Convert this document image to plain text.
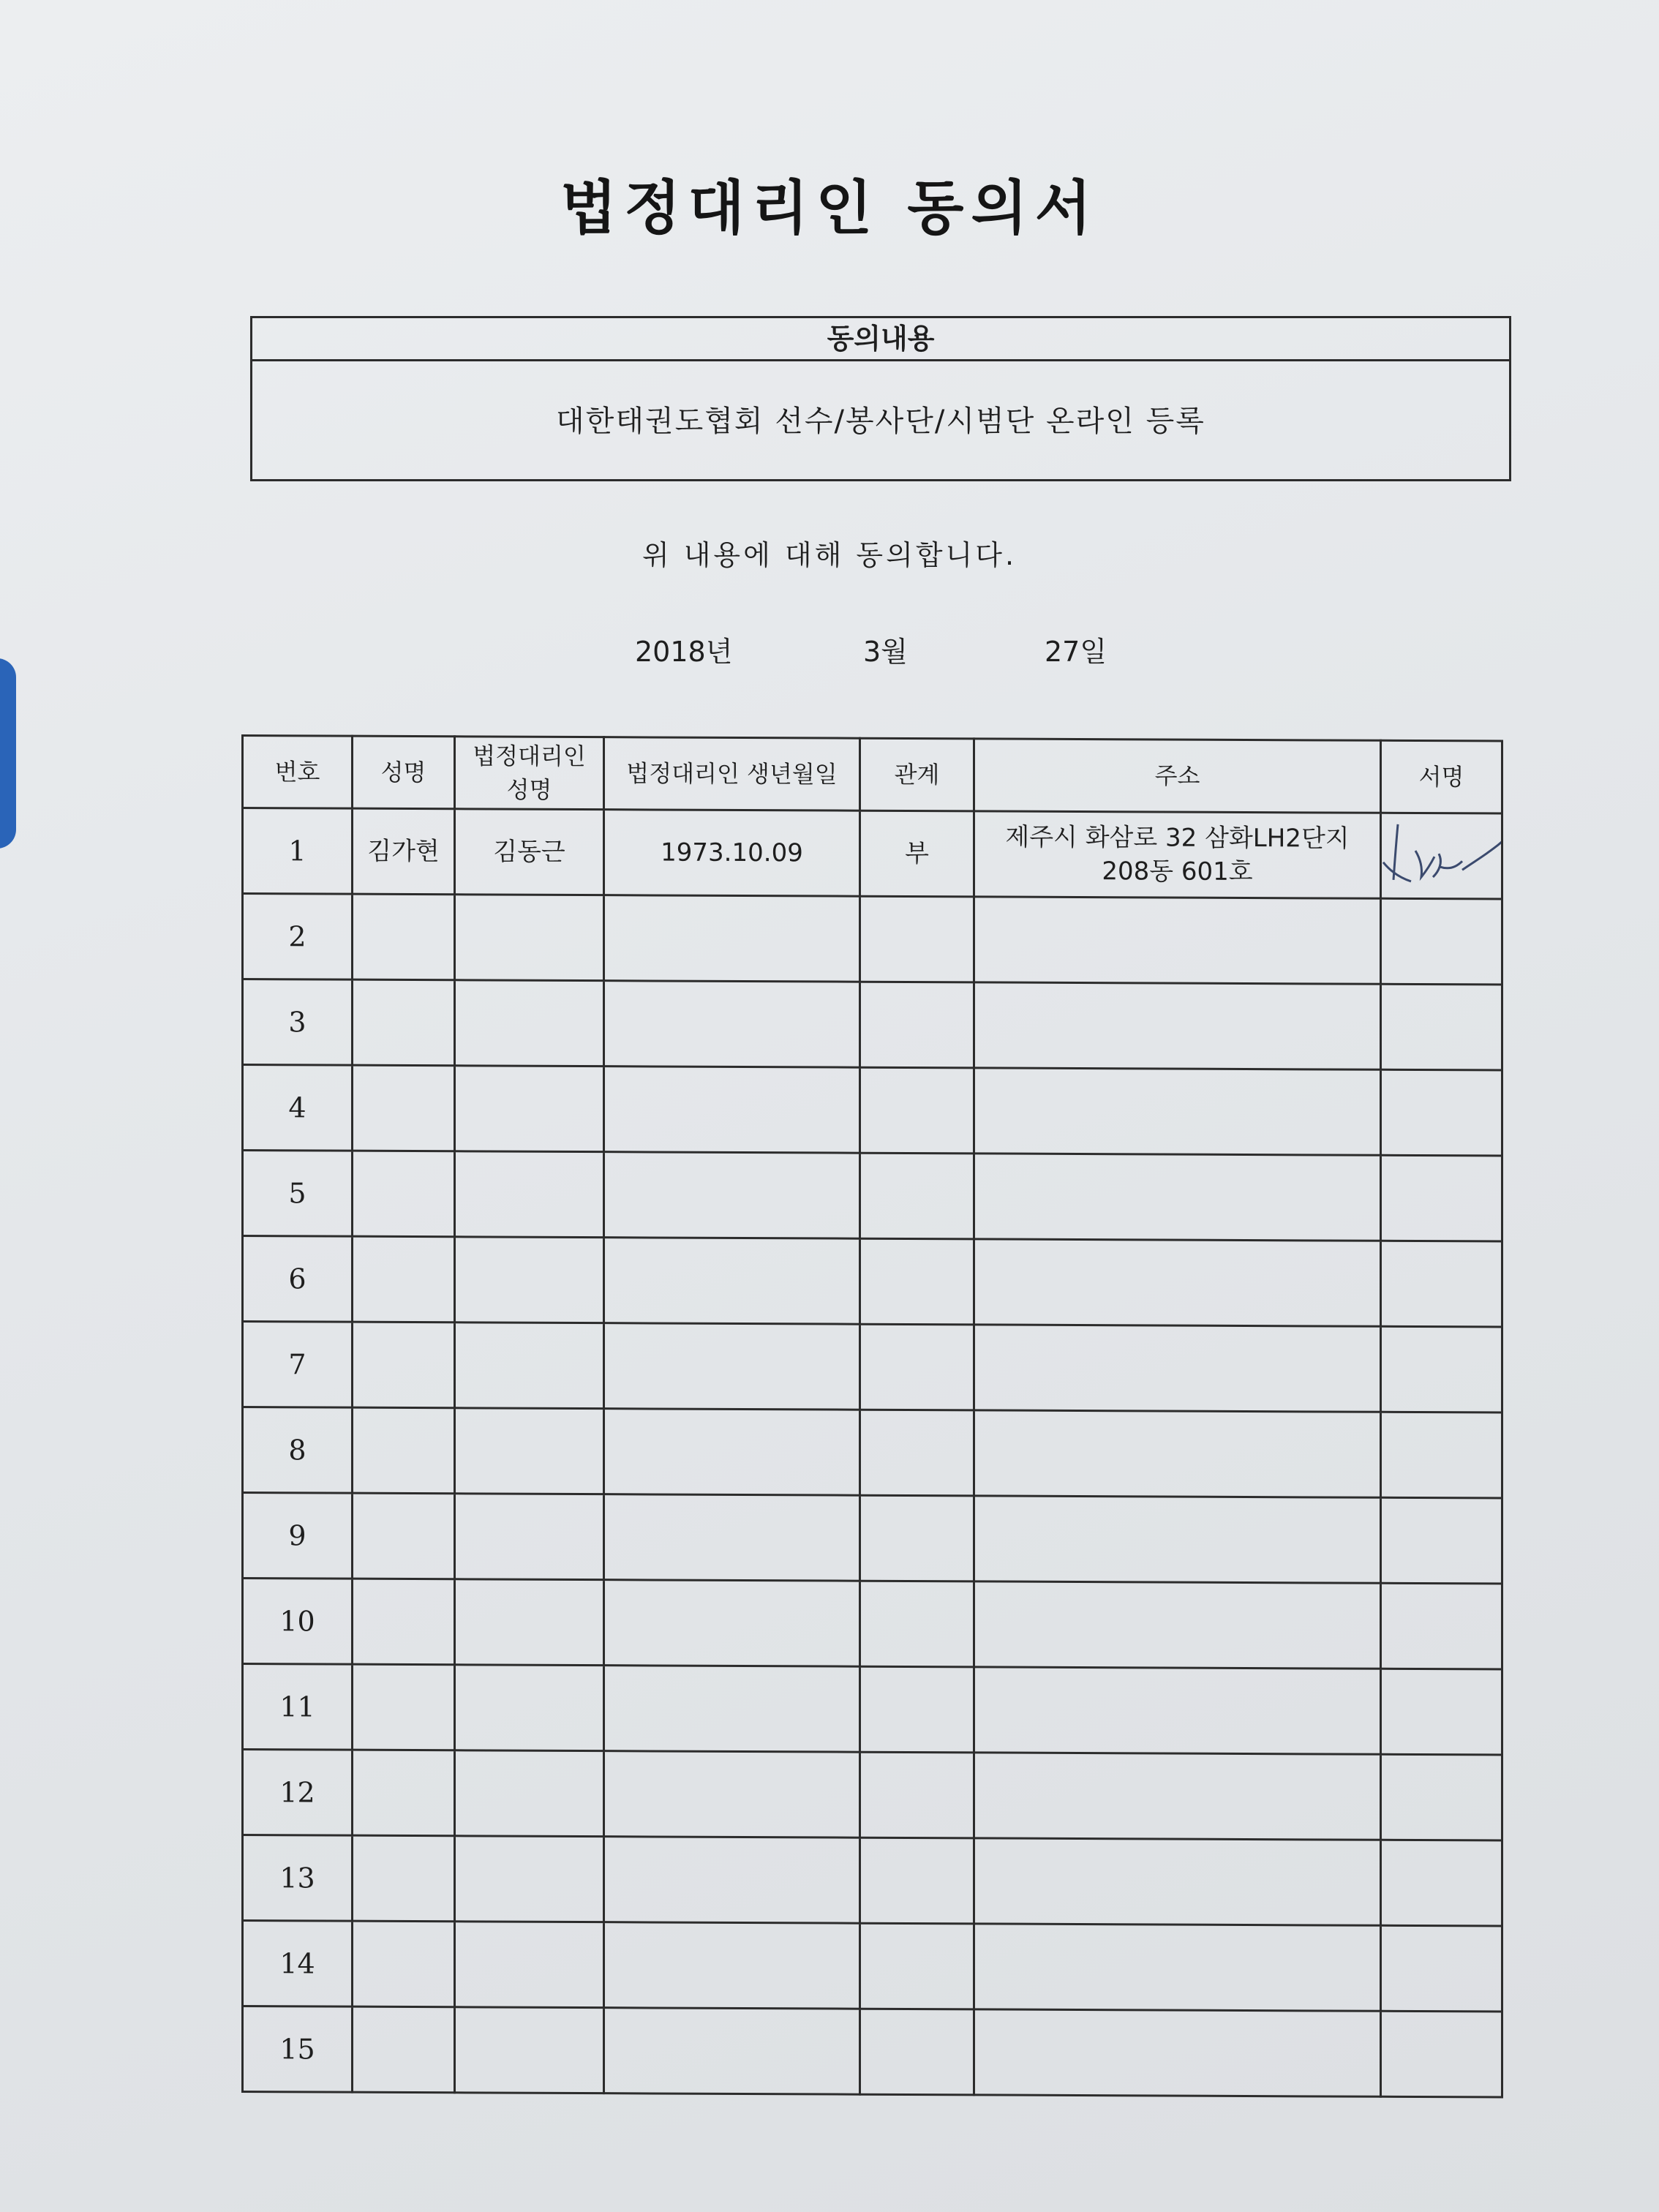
법정대리인 동의서
동의내용
대한태권도협회 선수/봉사단/시범단 온라인 등록
위 내용에 대해 동의합니다.
2018년	3월	27일
번호	성명	법정대리인 성명	법정대리인 생년월일	관계	주소	서명
1	김가현	김동근	1973.10.09	부	제주시 화삼로 32 삼화LH2단지 208동 601호	

2						
3						
4						
5						
6						
7						
8						
9						
10						
11						
12						
13						
14						
15						
